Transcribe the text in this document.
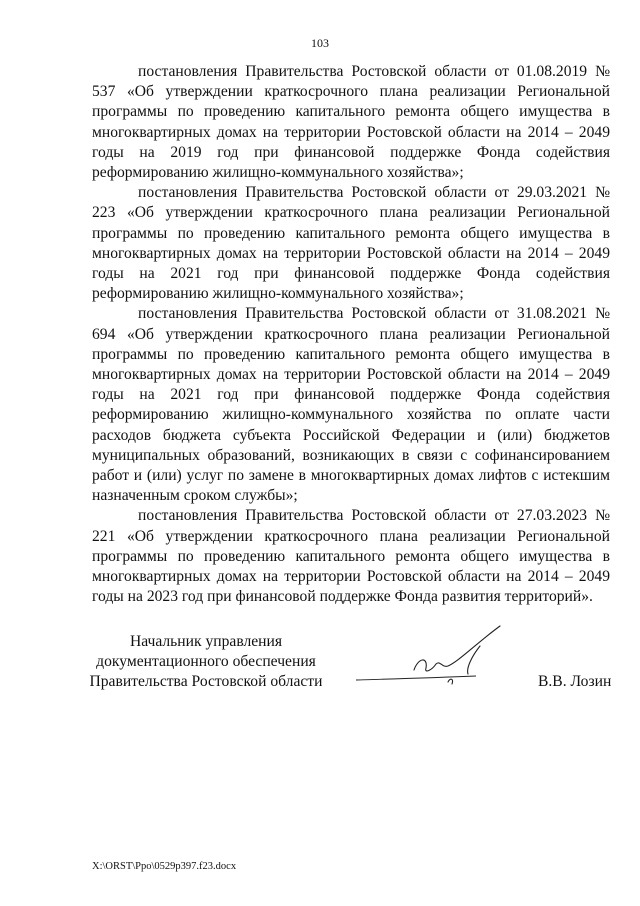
103

постановления Правительства Ростовской области от 01.08.2019 № 537 «Об утверждении краткосрочного плана реализации Региональной программы по проведению капитального ремонта общего имущества в многоквартирных домах на территории Ростовской области на 2014 – 2049 годы на 2019 год при финансовой поддержке Фонда содействия реформированию жилищно-коммунального хозяйства»;

постановления Правительства Ростовской области от 29.03.2021 № 223 «Об утверждении краткосрочного плана реализации Региональной программы по проведению капитального ремонта общего имущества в многоквартирных домах на территории Ростовской области на 2014 – 2049 годы на 2021 год при финансовой поддержке Фонда содействия реформированию жилищно-коммунального хозяйства»;

постановления Правительства Ростовской области от 31.08.2021 № 694 «Об утверждении краткосрочного плана реализации Региональной программы по проведению капитального ремонта общего имущества в многоквартирных домах на территории Ростовской области на 2014 – 2049 годы на 2021 год при финансовой поддержке Фонда содействия реформированию жилищно-коммунального хозяйства по оплате части расходов бюджета субъекта Российской Федерации и (или) бюджетов муниципальных образований, возникающих в связи с софинансированием работ и (или) услуг по замене в многоквартирных домах лифтов с истекшим назначенным сроком службы»;

постановления Правительства Ростовской области от 27.03.2023 № 221 «Об утверждении краткосрочного плана реализации Региональной программы по проведению капитального ремонта общего имущества в многоквартирных домах на территории Ростовской области на 2014 – 2049 годы на 2023 год при финансовой поддержке Фонда развития территорий».

Начальник управления
документационного обеспечения
Правительства Ростовской области	В.В. Лозин
X:\ORST\Ppo\0529p397.f23.docx
